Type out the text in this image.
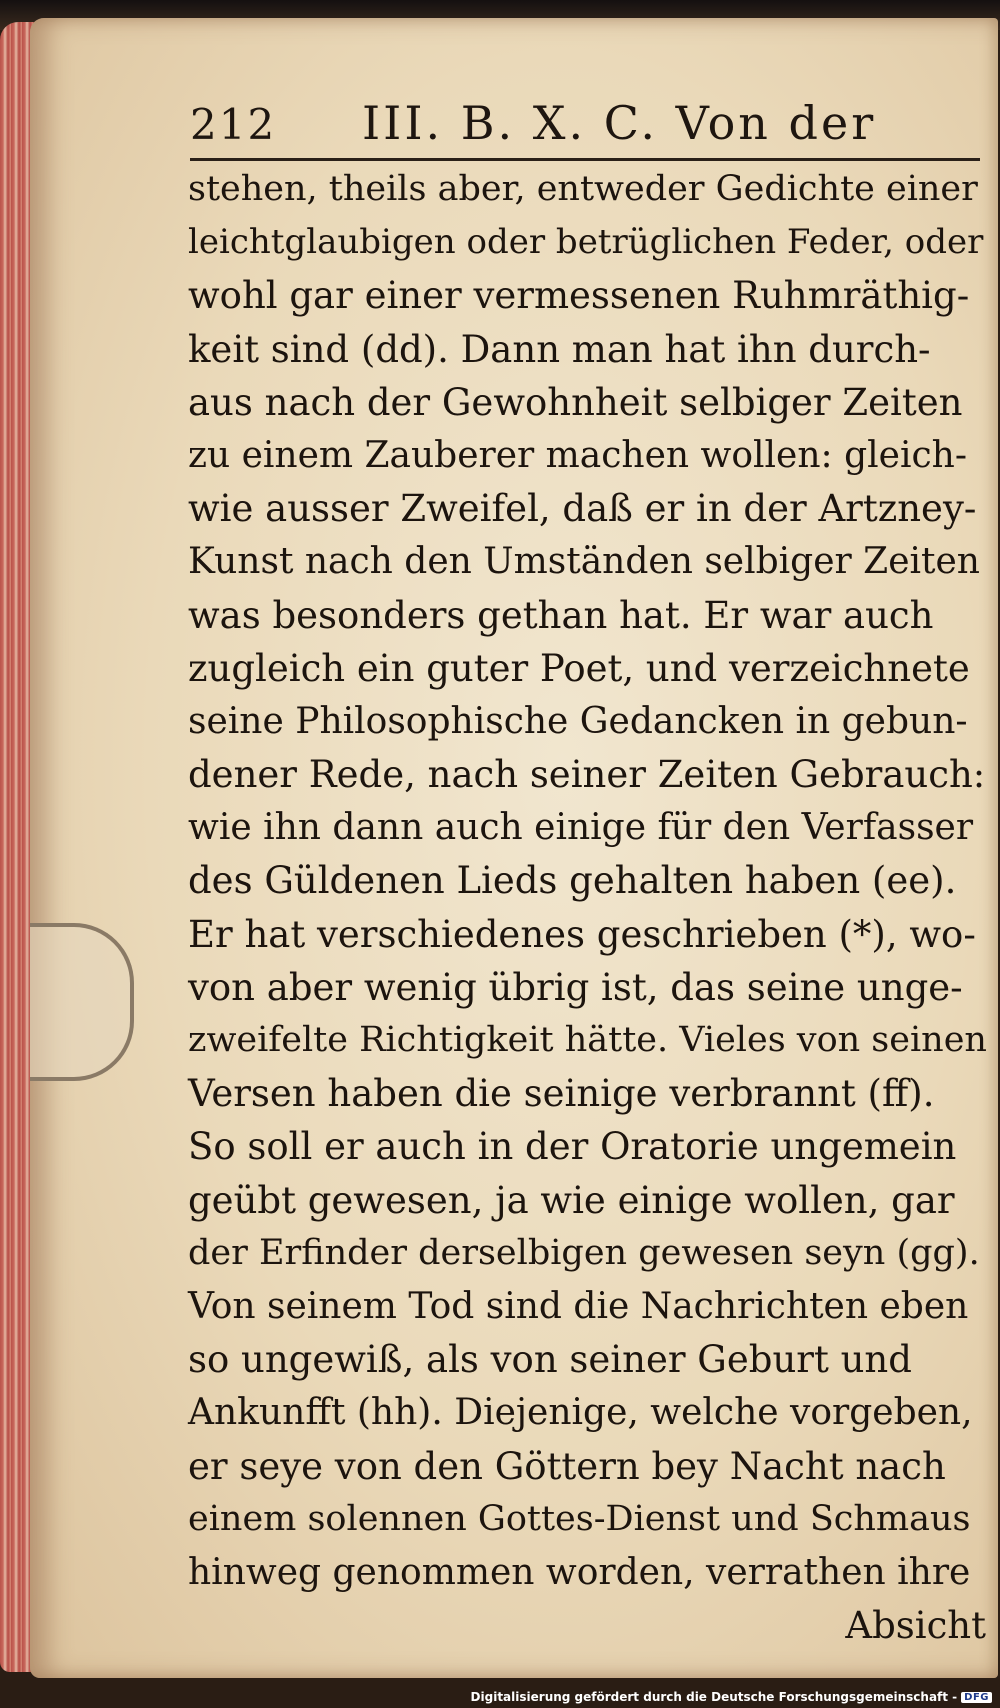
212 III. B. X. C. Von der
stehen, theils aber, entweder Gedichte einer
leichtglaubigen oder betrüglichen Feder, oder
wohl gar einer vermessenen Ruhmräthig-
keit sind (dd). Dann man hat ihn durch-
aus nach der Gewohnheit selbiger Zeiten
zu einem Zauberer machen wollen: gleich-
wie ausser Zweifel, daß er in der Artzney-
Kunst nach den Umständen selbiger Zeiten
was besonders gethan hat. Er war auch
zugleich ein guter Poet, und verzeichnete
seine Philosophische Gedancken in gebun-
dener Rede, nach seiner Zeiten Gebrauch:
wie ihn dann auch einige für den Verfasser
des Güldenen Lieds gehalten haben (ee).
Er hat verschiedenes geschrieben (*), wo-
von aber wenig übrig ist, das seine unge-
zweifelte Richtigkeit hätte. Vieles von seinen
Versen haben die seinige verbrannt (ff).
So soll er auch in der Oratorie ungemein
geübt gewesen, ja wie einige wollen, gar
der Erfinder derselbigen gewesen seyn (gg).
Von seinem Tod sind die Nachrichten eben
so ungewiß, als von seiner Geburt und
Ankunfft (hh). Diejenige, welche vorgeben,
er seye von den Göttern bey Nacht nach
einem solennen Gottes-Dienst und Schmaus
hinweg genommen worden, verrathen ihre
Absicht
Digitalisierung gefördert durch die Deutsche Forschungsgemeinschaft - DFG
